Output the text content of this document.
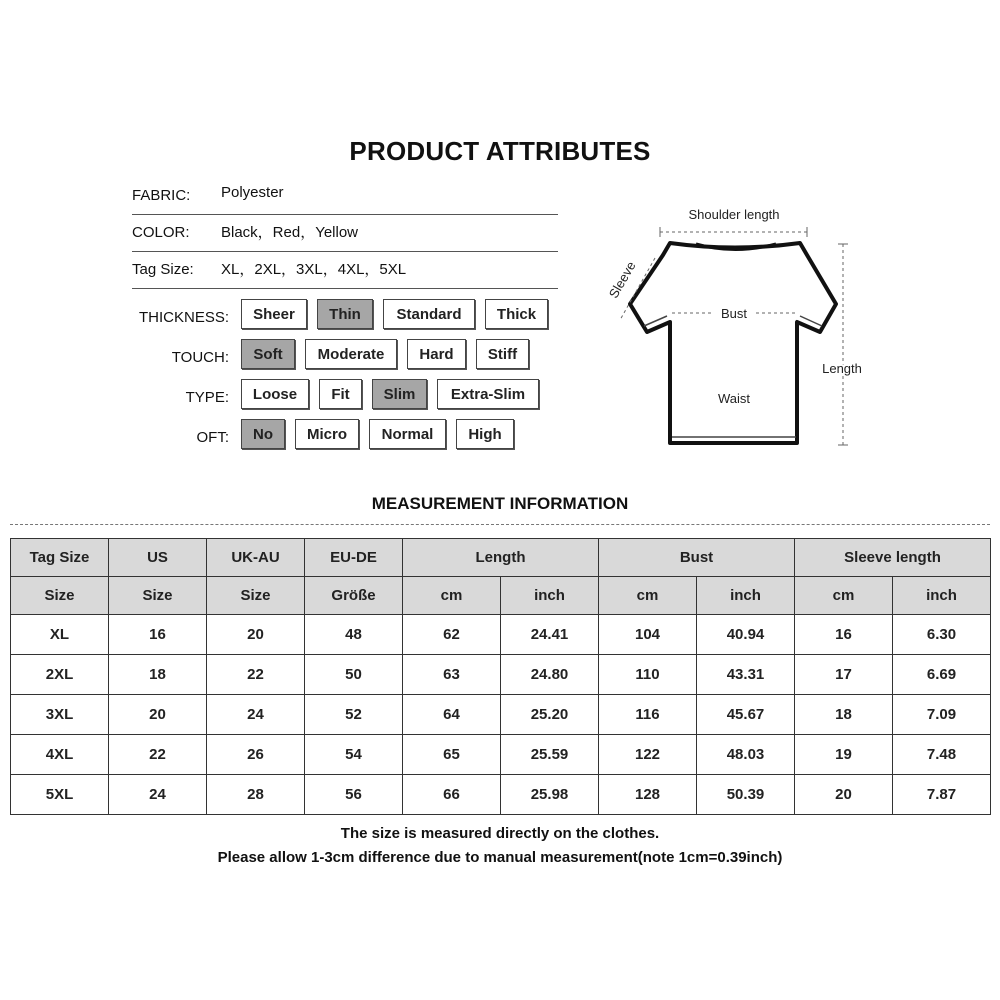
PRODUCT ATTRIBUTES
FABRIC: Polyester
COLOR: Black，Red，Yellow
Tag Size: XL，2XL，3XL，4XL，5XL
THICKNESS:	Sheer	Thin	Standard	Thick
TOUCH:	Soft	Moderate	Hard	Stiff
TYPE:	Loose	Fit	Slim	Extra-Slim
OFT:	No	Micro	Normal	High
Shoulder length
Sleeve
Bust
Length
Waist
MEASUREMENT INFORMATION
Tag Size	US	UK-AU	EU-DE	Length		Bust		Sleeve length	
Size	Size	Size	Größe	cm	inch	cm	inch	cm	inch
XL	16	20	48	62	24.41	104	40.94	16	6.30
2XL	18	22	50	63	24.80	110	43.31	17	6.69
3XL	20	24	52	64	25.20	116	45.67	18	7.09
4XL	22	26	54	65	25.59	122	48.03	19	7.48
5XL	24	28	56	66	25.98	128	50.39	20	7.87
The size is measured directly on the clothes.
Please allow 1-3cm difference due to manual measurement(note 1cm=0.39inch)
